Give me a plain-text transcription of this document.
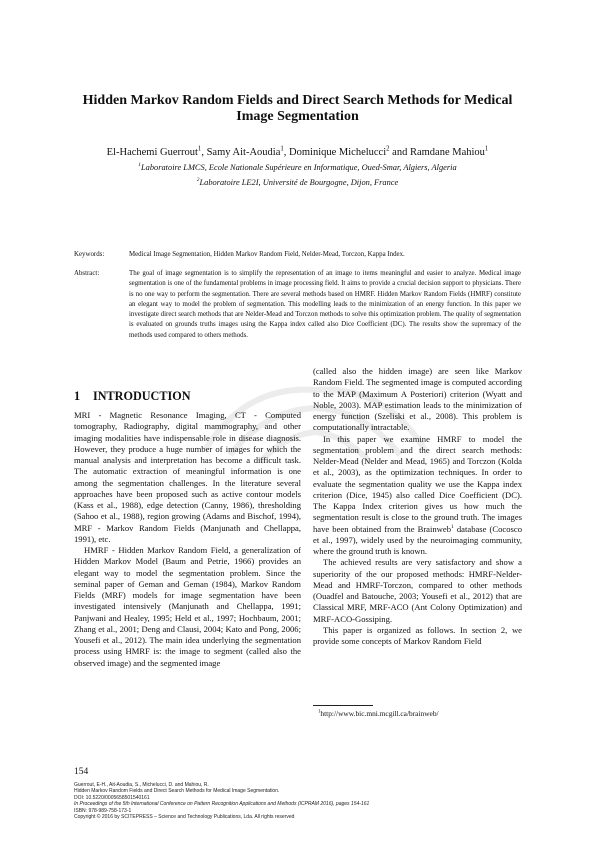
Hidden Markov Random Fields and Direct Search Methods for Medical
Image Segmentation
El-Hachemi Guerrout$^1$, Samy Ait-Aoudia$^1$, Dominique Michelucci$^2$ and Ramdane Mahiou$^1$
$^1$Laboratoire LMCS, Ecole Nationale Supérieure en Informatique, Oued-Smar, Algiers, Algeria
$^2$Laboratoire LE2I, Université de Bourgogne, Dijon, France
Keywords:	Medical Image Segmentation, Hidden Markov Random Field, Nelder-Mead, Torczon, Kappa Index.
Abstract:	The goal of image segmentation is to simplify the representation of an image to items meaningful and easier to analyze. Medical image segmentation is one of the fundamental problems in image processing field. It aims to provide a crucial decision support to physicians. There is no one way to perform the segmentation. There are several methods based on HMRF. Hidden Markov Random Fields (HMRF) constitute an elegant way to model the problem of segmentation. This modelling leads to the minimization of an energy function. In this paper we investigate direct search methods that are Nelder-Mead and Torczon methods to solve this optimization problem. The quality of segmentation is evaluated on grounds truths images using the Kappa index called also Dice Coefficient (DC). The results show the supremacy of the methods used compared to others methods.
1 INTRODUCTION

MRI - Magnetic Resonance Imaging, CT - Computed tomography, Radiography, digital mammography, and other imaging modalities have indispensable role in disease diagnosis. However, they produce a huge number of images for which the manual analysis and interpretation has become a difficult task. The automatic extraction of meaningful information is one among the segmentation challenges. In the literature several approaches have been proposed such as active contour models (Kass et al., 1988), edge detection (Canny, 1986), thresholding (Sahoo et al., 1988), region growing (Adams and Bischof, 1994), MRF - Markov Random Fields (Manjunath and Chellappa, 1991), etc.

HMRF - Hidden Markov Random Field, a generalization of Hidden Markov Model (Baum and Petrie, 1966) provides an elegant way to model the segmentation problem. Since the seminal paper of Geman and Geman (1984), Markov Random Fields (MRF) models for image segmentation have been investigated intensively (Manjunath and Chellappa, 1991; Panjwani and Healey, 1995; Held et al., 1997; Hochbaum, 2001; Zhang et al., 2001; Deng and Clausi, 2004; Kato and Pong, 2006; Yousefi et al., 2012). The main idea underlying the segmentation process using HMRF is: the image to segment (called also the observed image) and the segmented image

(called also the hidden image) are seen like Markov Random Field. The segmented image is computed according to the MAP (Maximum A Posteriori) criterion (Wyatt and Noble, 2003). MAP estimation leads to the minimization of energy function (Szeliski et al., 2008). This problem is computationally intractable.

In this paper we examine HMRF to model the segmentation problem and the direct search methods: Nelder-Mead (Nelder and Mead, 1965) and Torczon (Kolda et al., 2003), as the optimization techniques. In order to evaluate the segmentation quality we use the Kappa index criterion (Dice, 1945) also called Dice Coefficient (DC). The Kappa Index criterion gives us how much the segmentation result is close to the ground truth. The images have been obtained from the Brainweb$^1$ database (Cocosco et al., 1997), widely used by the neuroimaging community, where the ground truth is known.

The achieved results are very satisfactory and show a superiority of the our proposed methods: HMRF-Nelder-Mead and HMRF-Torczon, compared to other methods (Ouadfel and Batouche, 2003; Yousefi et al., 2012) that are Classical MRF, MRF-ACO (Ant Colony Optimization) and MRF-ACO-Gossiping.

This paper is organized as follows. In section 2, we provide some concepts of Markov Random Field

$^1$http://www.bic.mni.mcgill.ca/brainweb/
154
Guerrout, E-H., Ait-Aoudia, S., Michelucci, D. and Mahiou, R.
Hidden Markov Random Fields and Direct Search Methods for Medical Image Segmentation.
DOI: 10.5220/0005658501540161
In Proceedings of the 5th International Conference on Pattern Recognition Applications and Methods (ICPRAM 2016), pages 154-161
ISBN: 978-989-758-173-1
Copyright © 2016 by SCITEPRESS – Science and Technology Publications, Lda. All rights reserved
